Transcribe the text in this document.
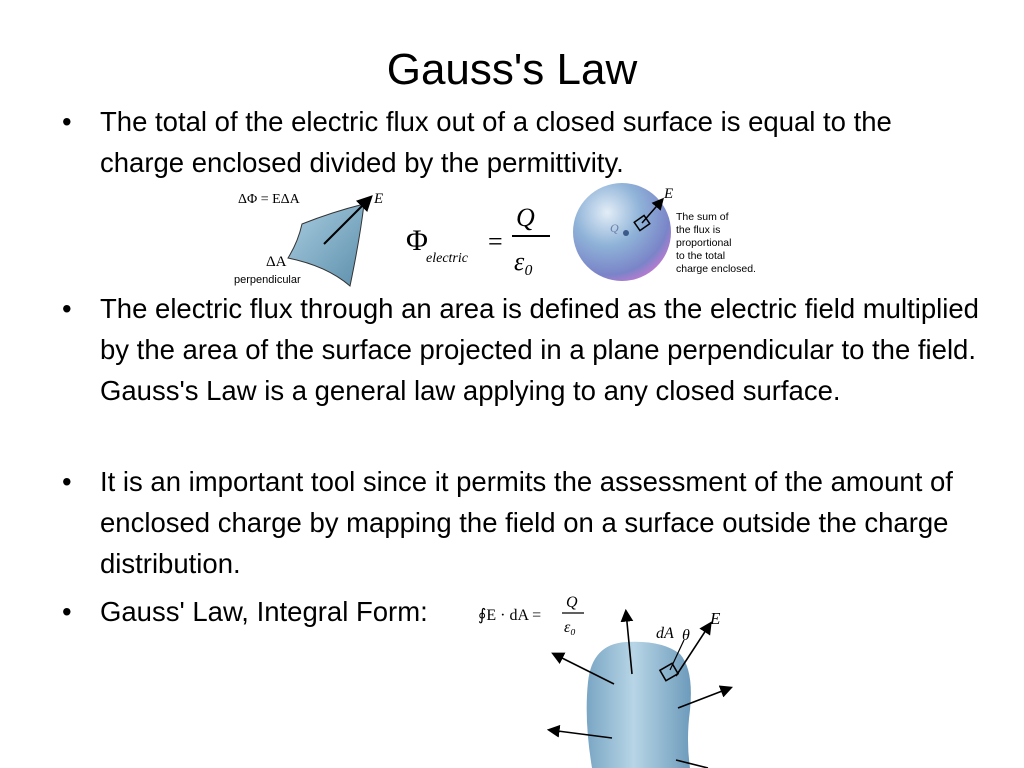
Gauss's Law
• The total of the electric flux out of a closed surface is equal to the charge enclosed divided by the permittivity.
ΔΦ = EΔA	E
ΔA
perpendicular
Φ
electric
=
Q
ε₀
Q
E
The sum of
the flux is
proportional
to the total
charge enclosed.
• The electric flux through an area is defined as the electric field multiplied by the area of the surface projected in a plane perpendicular to the field. Gauss's Law is a general law applying to any closed surface.
• It is an important tool since it permits the assessment of the amount of enclosed charge by mapping the field on a surface outside the charge distribution.
• Gauss' Law, Integral Form:	∮E · dA =
Q
ε₀	dA θ
E
